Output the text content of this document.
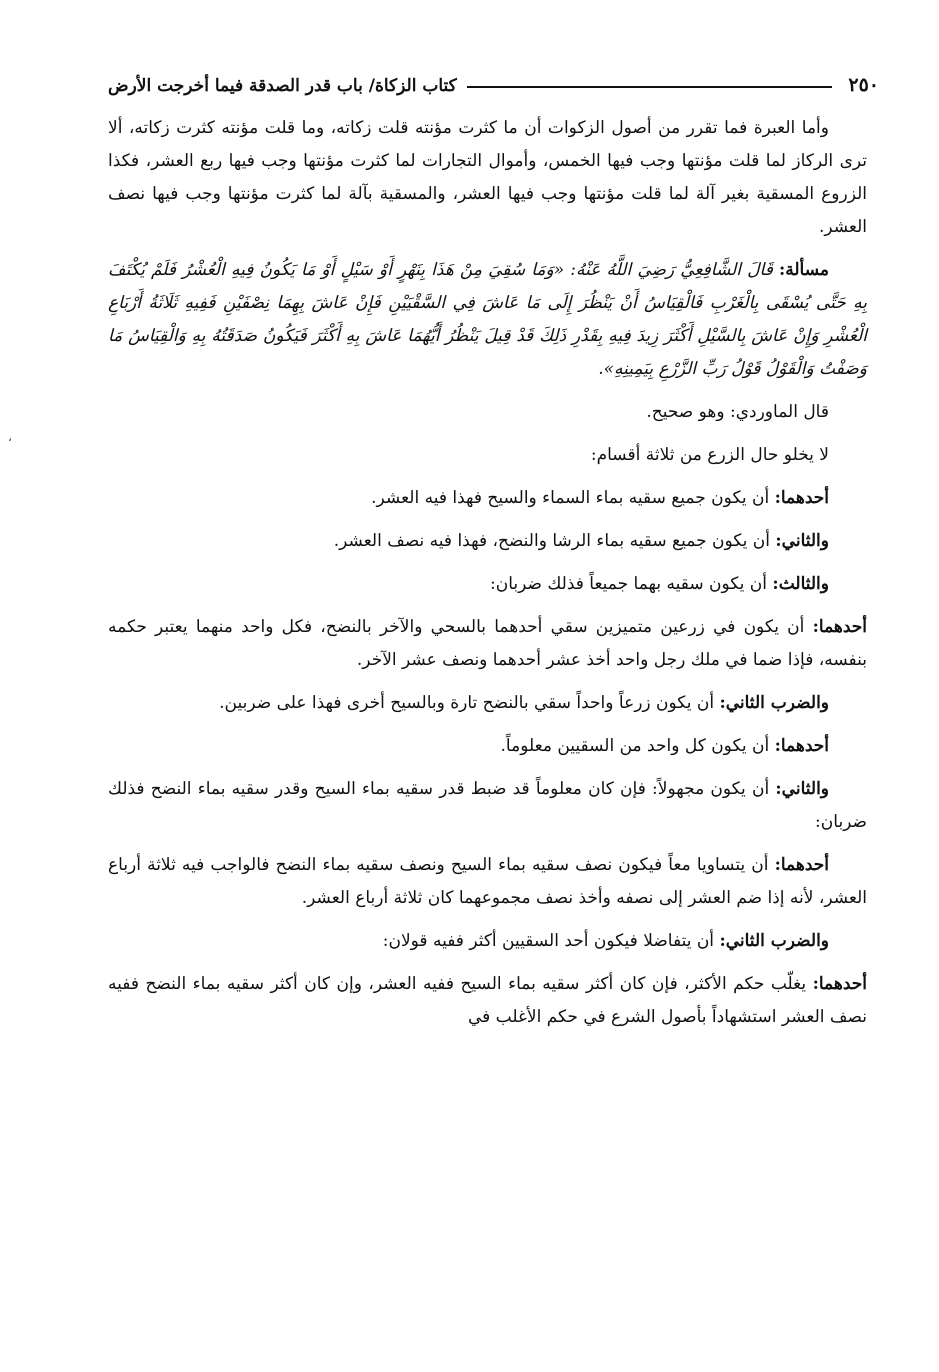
٢٥٠
كتاب الزكاة/ باب قدر الصدقة فيما أخرجت الأرض

وأما العبرة فما تقرر من أصول الزكوات أن ما كثرت مؤنته قلت زكاته، وما قلت مؤنته كثرت زكاته، ألا ترى الركاز لما قلت مؤنتها وجب فيها الخمس، وأموال التجارات لما كثرت مؤنتها وجب فيها ربع العشر، فكذا الزروع المسقية بغير آلة لما قلت مؤنتها وجب فيها العشر، والمسقية بآلة لما كثرت مؤنتها وجب فيها نصف العشر.

مسألة: قَالَ الشَّافِعِيُّ رَضِيَ اللَّهُ عَنْهُ: «وَمَا سُقِيَ مِنْ هَذَا بِنَهْرٍ أَوْ سَيْلٍ أَوْ مَا يَكُونُ فِيهِ الْعُشْرُ فَلَمْ يُكْتَفَ بِهِ حَتَّى يُسْقَى بِالْغَرْبِ فَالْقِيَاسُ أَنْ يَنْظُرَ إِلَى مَا عَاشَ فِي السَّقْيَيْنِ فَإِنْ عَاشَ بِهِمَا نِصْفَيْنِ فَفِيهِ ثَلَاثَةُ أَرْبَاعِ الْعُشْرِ وَإِنْ عَاشَ بِالسَّيْلِ أَكْثَرَ زِيدَ فِيهِ بِقَدْرِ ذَلِكَ قَدْ قِيلَ يَنْظُرُ أَيُّهُمَا عَاشَ بِهِ أَكْثَرَ فَيَكُونُ صَدَقَتُهُ بِهِ وَالْقِيَاسُ مَا وَصَفْتُ وَالْقَوْلُ قَوْلُ رَبِّ الزَّرْعِ بِيَمِينِهِ».

قال الماوردي: وهو صحيح.

لا يخلو حال الزرع من ثلاثة أقسام:

أحدهما: أن يكون جميع سقيه بماء السماء والسيح فهذا فيه العشر.

والثاني: أن يكون جميع سقيه بماء الرشا والنضح، فهذا فيه نصف العشر.

والثالث: أن يكون سقيه بهما جميعاً فذلك ضربان:

أحدهما: أن يكون في زرعين متميزين سقي أحدهما بالسحي والآخر بالنضح، فكل واحد منهما يعتبر حكمه بنفسه، فإذا ضما في ملك رجل واحد أخذ عشر أحدهما ونصف عشر الآخر.

والضرب الثاني: أن يكون زرعاً واحداً سقي بالنضح تارة وبالسيح أخرى فهذا على ضربين.

أحدهما: أن يكون كل واحد من السقيين معلوماً.

والثاني: أن يكون مجهولاً: فإن كان معلوماً قد ضبط قدر سقيه بماء السيح وقدر سقيه بماء النضح فذلك ضربان:

أحدهما: أن يتساويا معاً فيكون نصف سقيه بماء السيح ونصف سقيه بماء النضح فالواجب فيه ثلاثة أرباع العشر، لأنه إذا ضم العشر إلى نصفه وأخذ نصف مجموعهما كان ثلاثة أرباع العشر.

والضرب الثاني: أن يتفاضلا فيكون أحد السقيين أكثر ففيه قولان:

أحدهما: يغلّب حكم الأكثر، فإن كان أكثر سقيه بماء السيح ففيه العشر، وإن كان أكثر سقيه بماء النضح ففيه نصف العشر استشهاداً بأصول الشرع في حكم الأغلب في

،
